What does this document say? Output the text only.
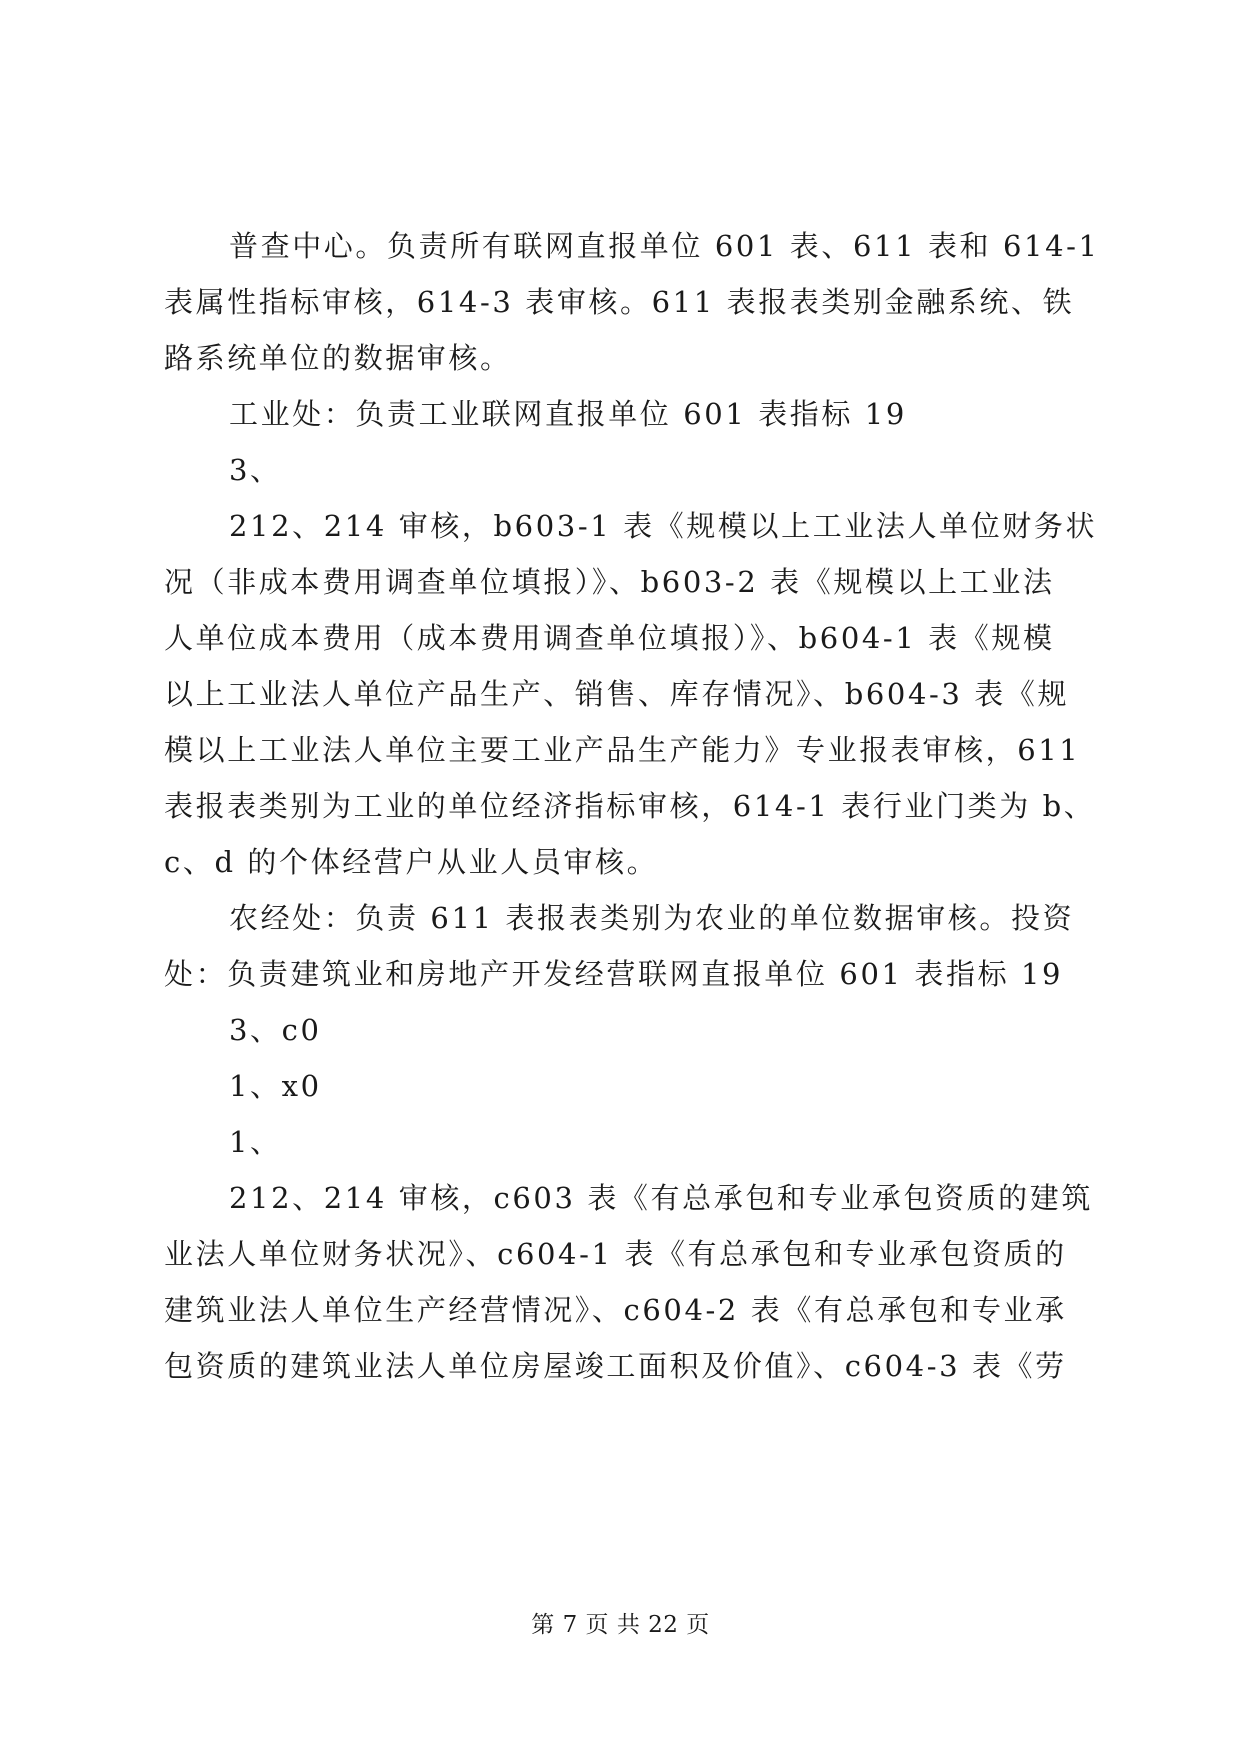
普查中心。负责所有联网直报单位 601 表、611 表和 614-1
表属性指标审核，614-3 表审核。611 表报表类别金融系统、铁
路系统单位的数据审核。
工业处：负责工业联网直报单位 601 表指标 19
3、
212、214 审核，b603-1 表《规模以上工业法人单位财务状
况（非成本费用调查单位填报）》、b603-2 表《规模以上工业法
人单位成本费用（成本费用调查单位填报）》、b604-1 表《规模
以上工业法人单位产品生产、销售、库存情况》、b604-3 表《规
模以上工业法人单位主要工业产品生产能力》专业报表审核，611
表报表类别为工业的单位经济指标审核，614-1 表行业门类为 b、
c、d 的个体经营户从业人员审核。
农经处：负责 611 表报表类别为农业的单位数据审核。投资
处：负责建筑业和房地产开发经营联网直报单位 601 表指标 19
3、c0
1、x0
1、
212、214 审核，c603 表《有总承包和专业承包资质的建筑
业法人单位财务状况》、c604-1 表《有总承包和专业承包资质的
建筑业法人单位生产经营情况》、c604-2 表《有总承包和专业承
包资质的建筑业法人单位房屋竣工面积及价值》、c604-3 表《劳
第 7 页 共 22 页
